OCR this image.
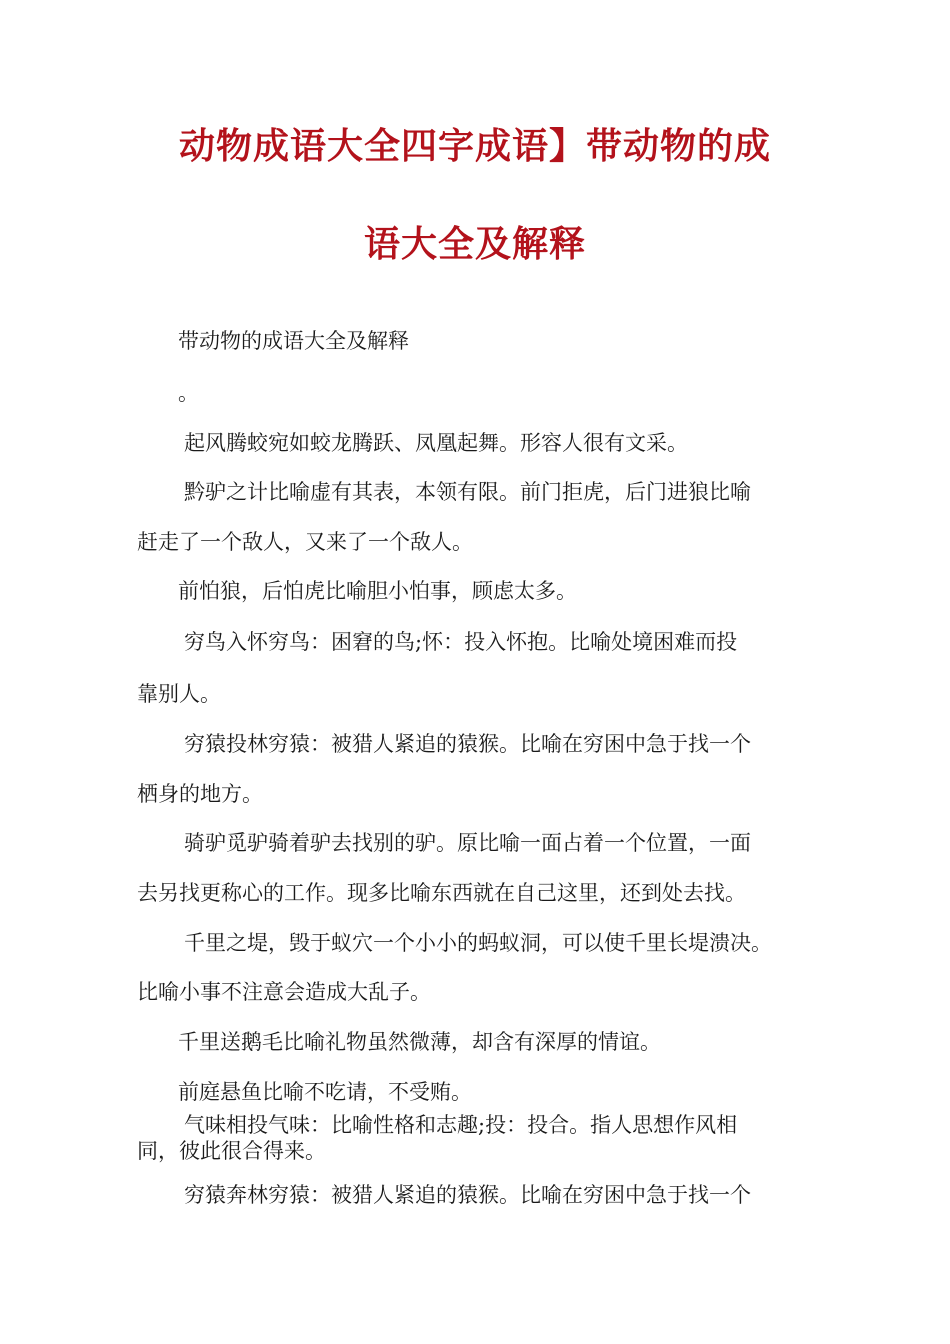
动物成语大全四字成语】带动物的成
语大全及解释

带动物的成语大全及解释

。

起风腾蛟宛如蛟龙腾跃、凤凰起舞。形容人很有文采。

黔驴之计比喻虚有其表，本领有限。前门拒虎，后门进狼比喻

赶走了一个敌人，又来了一个敌人。

前怕狼，后怕虎比喻胆小怕事，顾虑太多。

穷鸟入怀穷鸟：困窘的鸟;怀：投入怀抱。比喻处境困难而投

靠别人。

穷猿投林穷猿：被猎人紧追的猿猴。比喻在穷困中急于找一个

栖身的地方。

骑驴觅驴骑着驴去找别的驴。原比喻一面占着一个位置，一面

去另找更称心的工作。现多比喻东西就在自己这里，还到处去找。

千里之堤，毁于蚁穴一个小小的蚂蚁洞，可以使千里长堤溃决。

比喻小事不注意会造成大乱子。

千里送鹅毛比喻礼物虽然微薄，却含有深厚的情谊。

前庭悬鱼比喻不吃请，不受贿。

气味相投气味：比喻性格和志趣;投：投合。指人思想作风相

同，彼此很合得来。

穷猿奔林穷猿：被猎人紧追的猿猴。比喻在穷困中急于找一个
